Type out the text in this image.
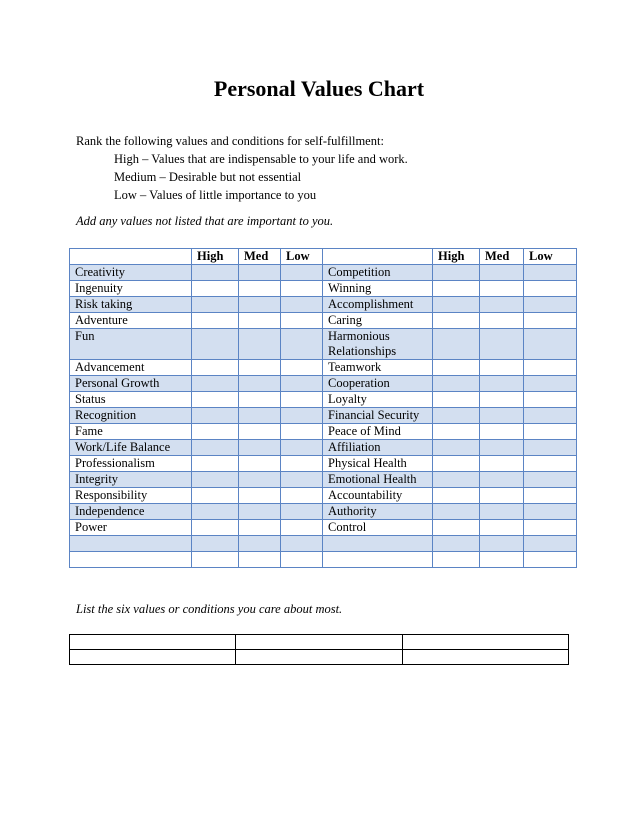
Personal Values Chart
Rank the following values and conditions for self-fulfillment:
High – Values that are indispensable to your life and work.
Medium – Desirable but not essential
Low – Values of little importance to you

Add any values not listed that are important to you.

	High	Med	Low		High	Med	Low
Creativity				Competition			
Ingenuity				Winning			
Risk taking				Accomplishment			
Adventure				Caring			
Fun				Harmonious Relationships			
Advancement				Teamwork			
Personal Growth				Cooperation			
Status				Loyalty			
Recognition				Financial Security			
Fame				Peace of Mind			
Work/Life Balance				Affiliation			
Professionalism				Physical Health			
Integrity				Emotional Health			
Responsibility				Accountability			
Independence				Authority			
Power				Control			

List the six values or conditions you care about most.
